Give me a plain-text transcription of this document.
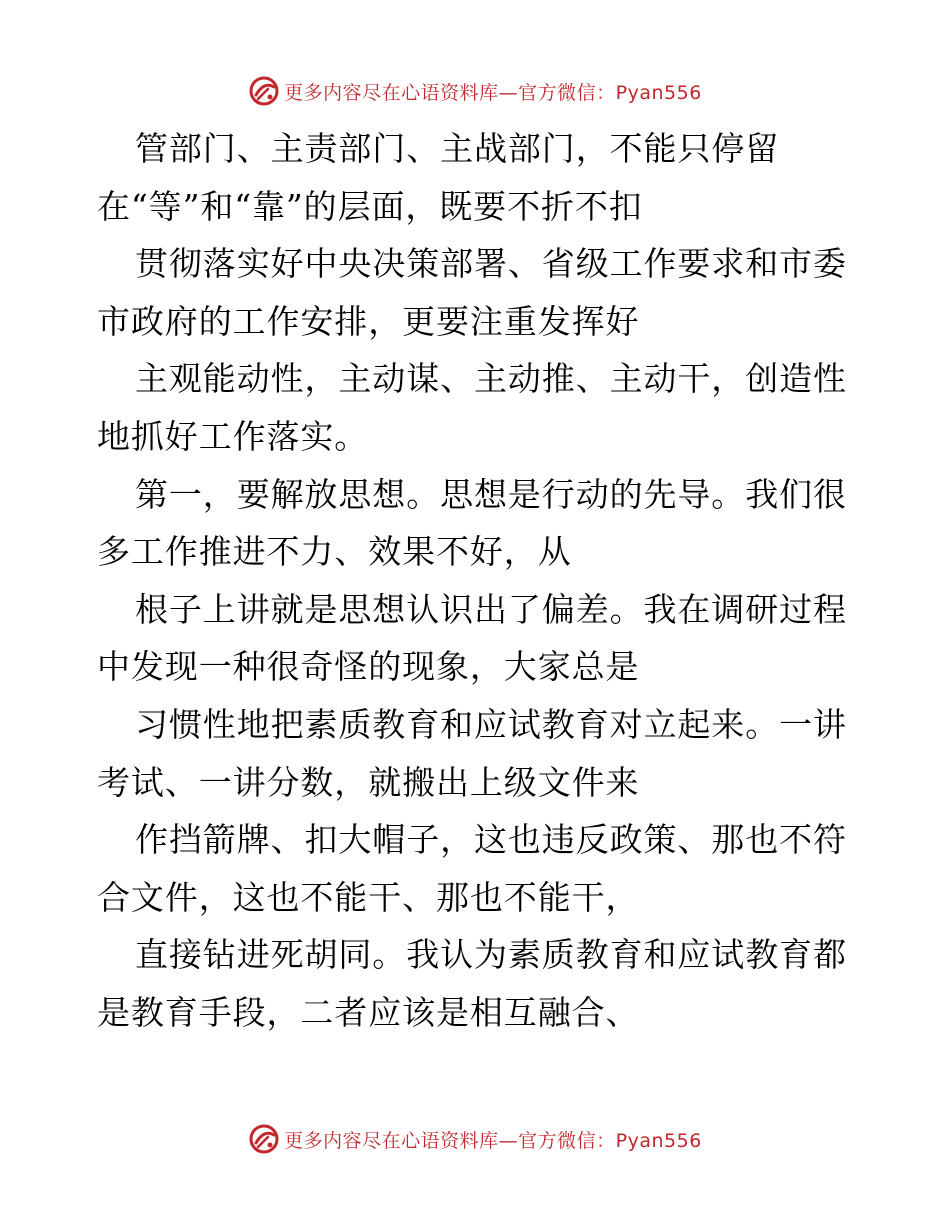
更多内容尽在心语资料库—官方微信：Pyan556
管部门、主责部门、主战部门，不能只停留
在“等”和“靠”的层面，既要不折不扣
贯彻落实好中央决策部署、省级工作要求和市委
市政府的工作安排，更要注重发挥好
主观能动性，主动谋、主动推、主动干，创造性
地抓好工作落实。
第一，要解放思想。思想是行动的先导。我们很
多工作推进不力、效果不好，从
根子上讲就是思想认识出了偏差。我在调研过程
中发现一种很奇怪的现象，大家总是
习惯性地把素质教育和应试教育对立起来。一讲
考试、一讲分数，就搬出上级文件来
作挡箭牌、扣大帽子，这也违反政策、那也不符
合文件，这也不能干、那也不能干，
直接钻进死胡同。我认为素质教育和应试教育都
是教育手段，二者应该是相互融合、
更多内容尽在心语资料库—官方微信：Pyan556
